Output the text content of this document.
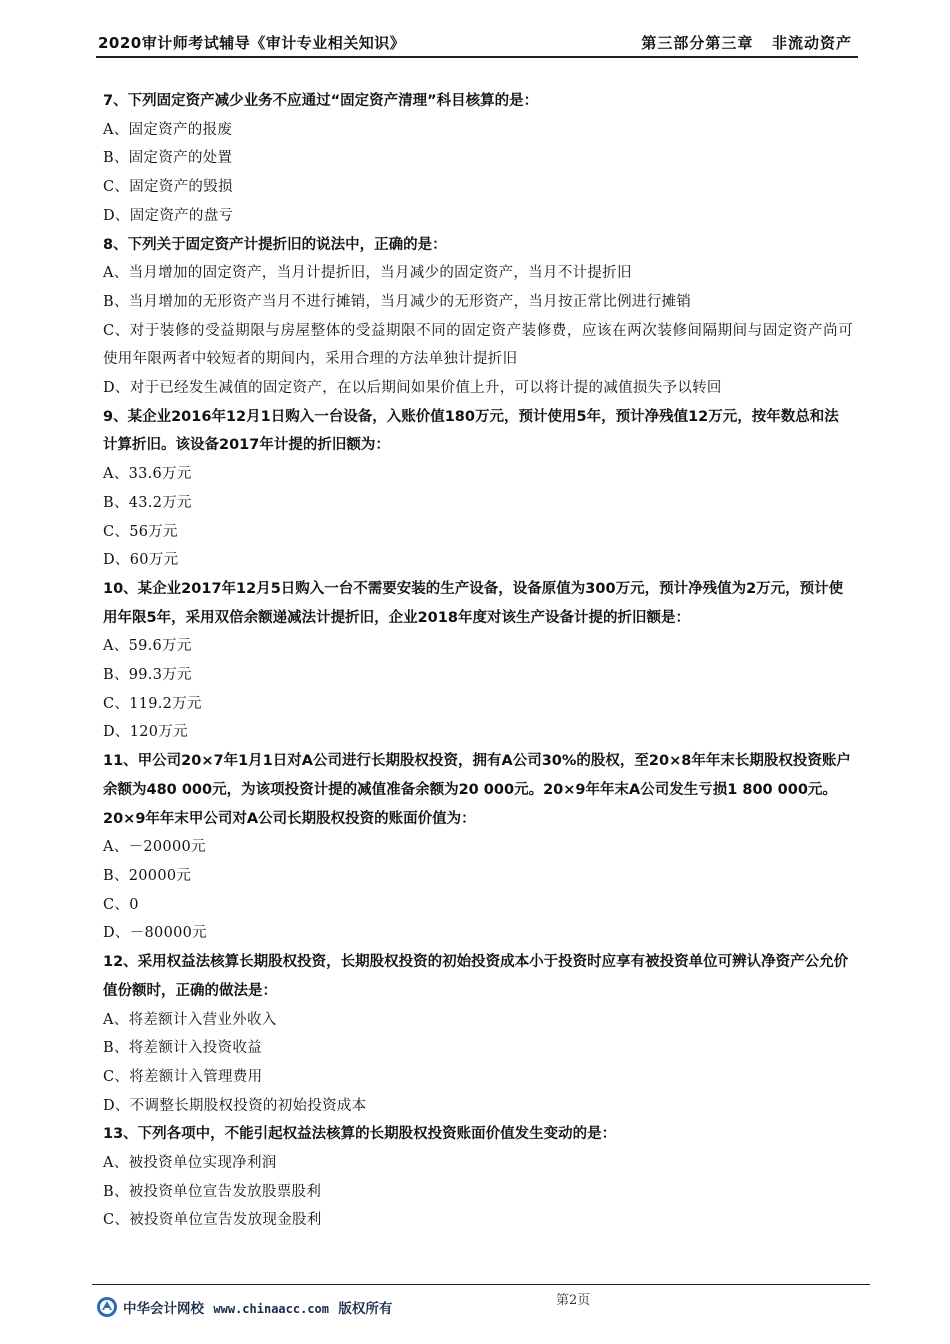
2020审计师考试辅导《审计专业相关知识》	第三部分第三章   非流动资产

7、下列固定资产减少业务不应通过“固定资产清理”科目核算的是：

A、固定资产的报废

B、固定资产的处置

C、固定资产的毁损

D、固定资产的盘亏

8、下列关于固定资产计提折旧的说法中，正确的是：

A、当月增加的固定资产，当月计提折旧，当月减少的固定资产，当月不计提折旧

B、当月增加的无形资产当月不进行摊销，当月减少的无形资产，当月按正常比例进行摊销

C、对于装修的受益期限与房屋整体的受益期限不同的固定资产装修费，应该在两次装修间隔期间与固定资产尚可使用年限两者中较短者的期间内，采用合理的方法单独计提折旧

D、对于已经发生减值的固定资产，在以后期间如果价值上升，可以将计提的减值损失予以转回

9、某企业2016年12月1日购入一台设备，入账价值180万元，预计使用5年，预计净残值12万元，按年数总和法计算折旧。该设备2017年计提的折旧额为：

A、33.6万元

B、43.2万元

C、56万元

D、60万元

10、某企业2017年12月5日购入一台不需要安装的生产设备，设备原值为300万元，预计净残值为2万元，预计使用年限5年，采用双倍余额递减法计提折旧，企业2018年度对该生产设备计提的折旧额是：

A、59.6万元

B、99.3万元

C、119.2万元

D、120万元

11、甲公司20×7年1月1日对A公司进行长期股权投资，拥有A公司30%的股权，至20×8年年末长期股权投资账户余额为480 000元，为该项投资计提的减值准备余额为20 000元。20×9年年末A公司发生亏损1 800 000元。20×9年年末甲公司对A公司长期股权投资的账面价值为：

A、－20000元

B、20000元

C、0

D、－80000元

12、采用权益法核算长期股权投资，长期股权投资的初始投资成本小于投资时应享有被投资单位可辨认净资产公允价值份额时，正确的做法是：

A、将差额计入营业外收入

B、将差额计入投资收益

C、将差额计入管理费用

D、不调整长期股权投资的初始投资成本

13、下列各项中，不能引起权益法核算的长期股权投资账面价值发生变动的是：

A、被投资单位实现净利润

B、被投资单位宣告发放股票股利

C、被投资单位宣告发放现金股利

中华会计网校 www.chinaacc.com 版权所有
第2页
